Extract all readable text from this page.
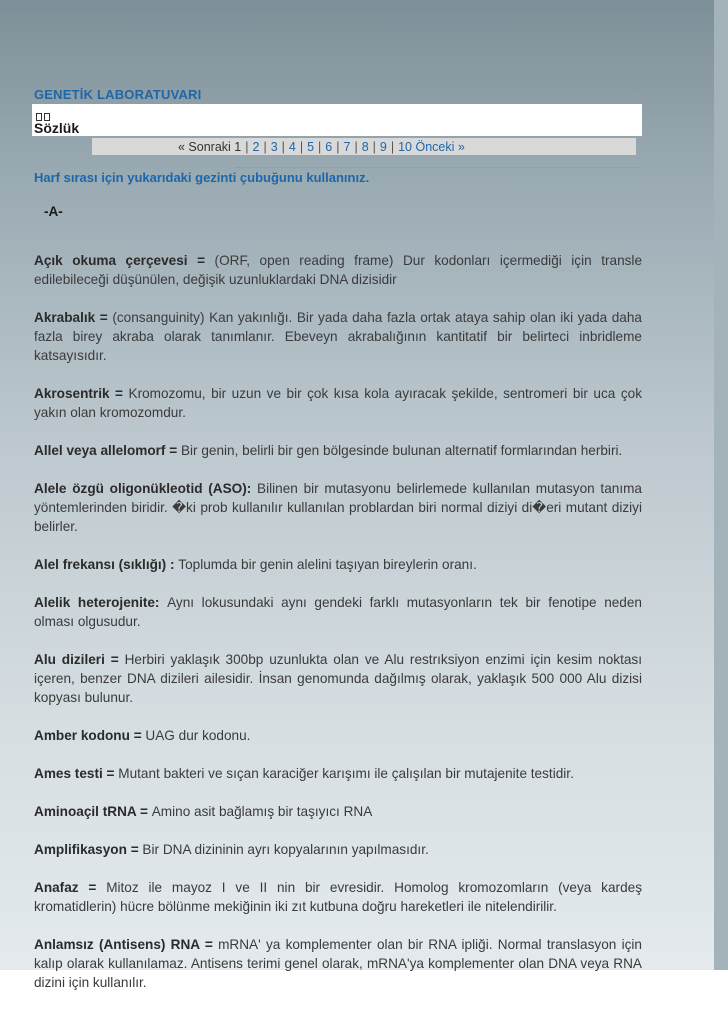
GENETİK LABORATUVARI
Sözlük
« Sonraki 1 | 2 | 3 | 4 | 5 | 6 | 7 | 8 | 9 | 10 Önceki »
Harf sırası için yukarıdaki gezinti çubuğunu kullanınız.
-A-

Açık okuma çerçevesi = (ORF, open reading frame) Dur kodonları içermediği için transle edilebileceği düşünülen, değişik uzunluklardaki DNA dizisidir

Akrabalık = (consanguinity) Kan yakınlığı. Bir yada daha fazla ortak ataya sahip olan iki yada daha fazla birey akraba olarak tanımlanır. Ebeveyn akrabalığının kantitatif bir belirteci inbridleme katsayısıdır.

Akrosentrik = Kromozomu, bir uzun ve bir çok kısa kola ayıracak şekilde, sentromeri bir uca çok yakın olan kromozomdur.

Allel veya allelomorf = Bir genin, belirli bir gen bölgesinde bulunan alternatif formlarından herbiri.

Alele özgü oligonükleotid (ASO): Bilinen bir mutasyonu belirlemede kullanılan mutasyon tanıma yöntemlerinden biridir. �ki prob kullanılır kullanılan problardan biri normal diziyi di�eri mutant diziyi belirler.

Alel frekansı (sıklığı) : Toplumda bir genin alelini taşıyan bireylerin oranı.

Alelik heterojenite: Aynı lokusundaki aynı gendeki farklı mutasyonların tek bir fenotipe neden olması olgusudur.

Alu dizileri = Herbiri yaklaşık 300bp uzunlukta olan ve Alu restrıksiyon enzimi için kesim noktası içeren, benzer DNA dizileri ailesidir. İnsan genomunda dağılmış olarak, yaklaşık 500 000 Alu dizisi kopyası bulunur.

Amber kodonu = UAG dur kodonu.

Ames testi = Mutant bakteri ve sıçan karaciğer karışımı ile çalışılan bir mutajenite testidir.

Aminoaçil tRNA = Amino asit bağlamış bir taşıyıcı RNA

Amplifikasyon = Bir DNA dizininin ayrı kopyalarının yapılmasıdır.

Anafaz = Mitoz ile mayoz I ve II nin bir evresidir. Homolog kromozomların (veya kardeş kromatidlerin) hücre bölünme mekiğinin iki zıt kutbuna doğru hareketleri ile nitelendirilir.

Anlamsız (Antisens) RNA = mRNA' ya komplementer olan bir RNA ipliği. Normal translasyon için kalıp olarak kullanılamaz. Antisens terimi genel olarak, mRNA'ya komplementer olan DNA veya RNA dizini için kullanılır.
